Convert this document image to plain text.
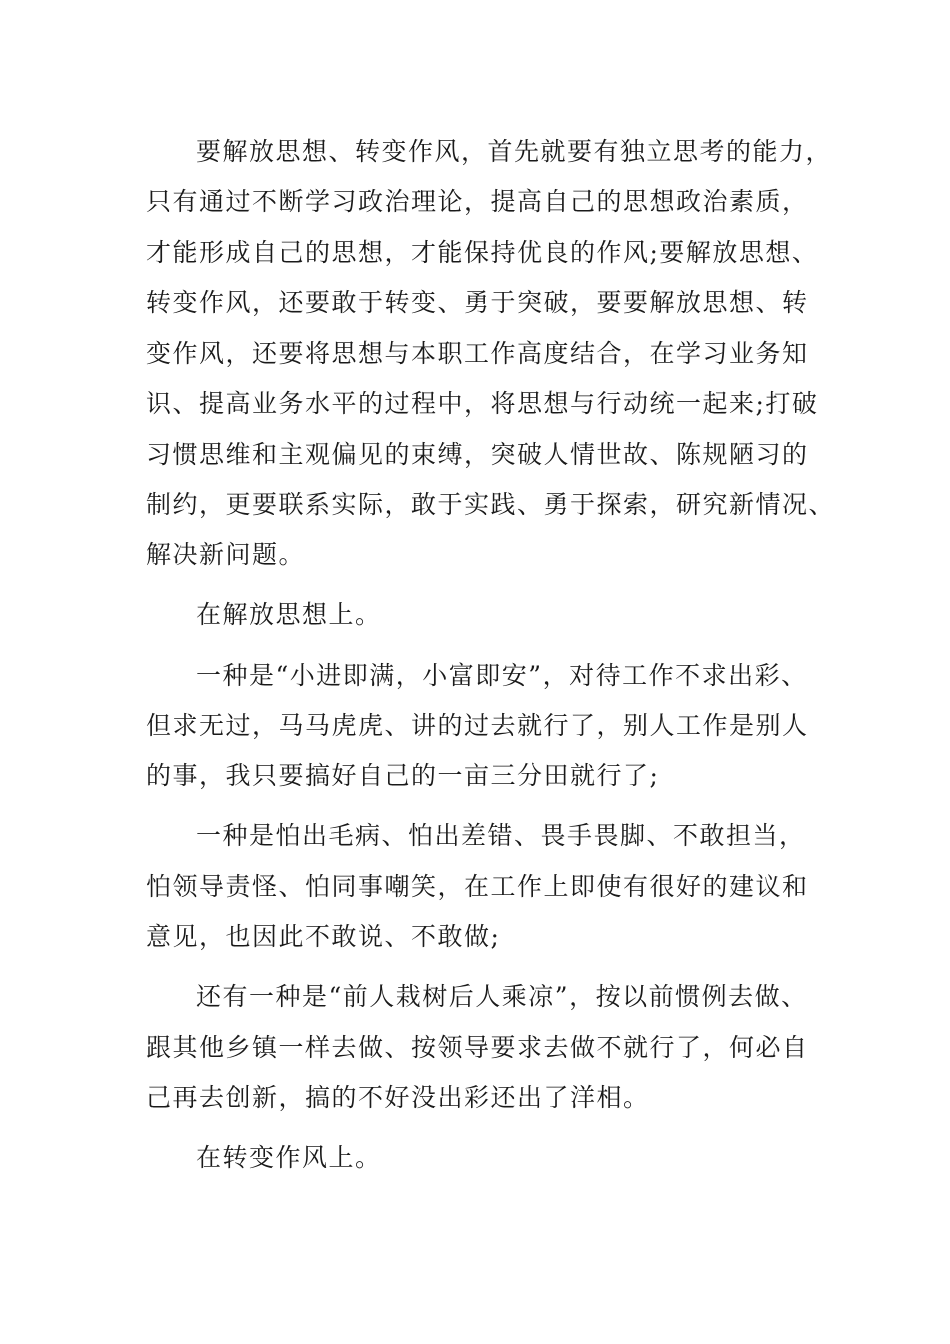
要解放思想、转变作风，首先就要有独立思考的能力，
只有通过不断学习政治理论，提高自己的思想政治素质，
才能形成自己的思想，才能保持优良的作风;要解放思想、
转变作风，还要敢于转变、勇于突破，要要解放思想、转
变作风，还要将思想与本职工作高度结合，在学习业务知
识、提高业务水平的过程中，将思想与行动统一起来;打破
习惯思维和主观偏见的束缚，突破人情世故、陈规陋习的
制约，更要联系实际，敢于实践、勇于探索，研究新情况、
解决新问题。
在解放思想上。
一种是“小进即满，小富即安”，对待工作不求出彩、
但求无过，马马虎虎、讲的过去就行了，别人工作是别人
的事，我只要搞好自己的一亩三分田就行了;
一种是怕出毛病、怕出差错、畏手畏脚、不敢担当，
怕领导责怪、怕同事嘲笑，在工作上即使有很好的建议和
意见，也因此不敢说、不敢做;
还有一种是“前人栽树后人乘凉”，按以前惯例去做、
跟其他乡镇一样去做、按领导要求去做不就行了，何必自
己再去创新，搞的不好没出彩还出了洋相。
在转变作风上。
